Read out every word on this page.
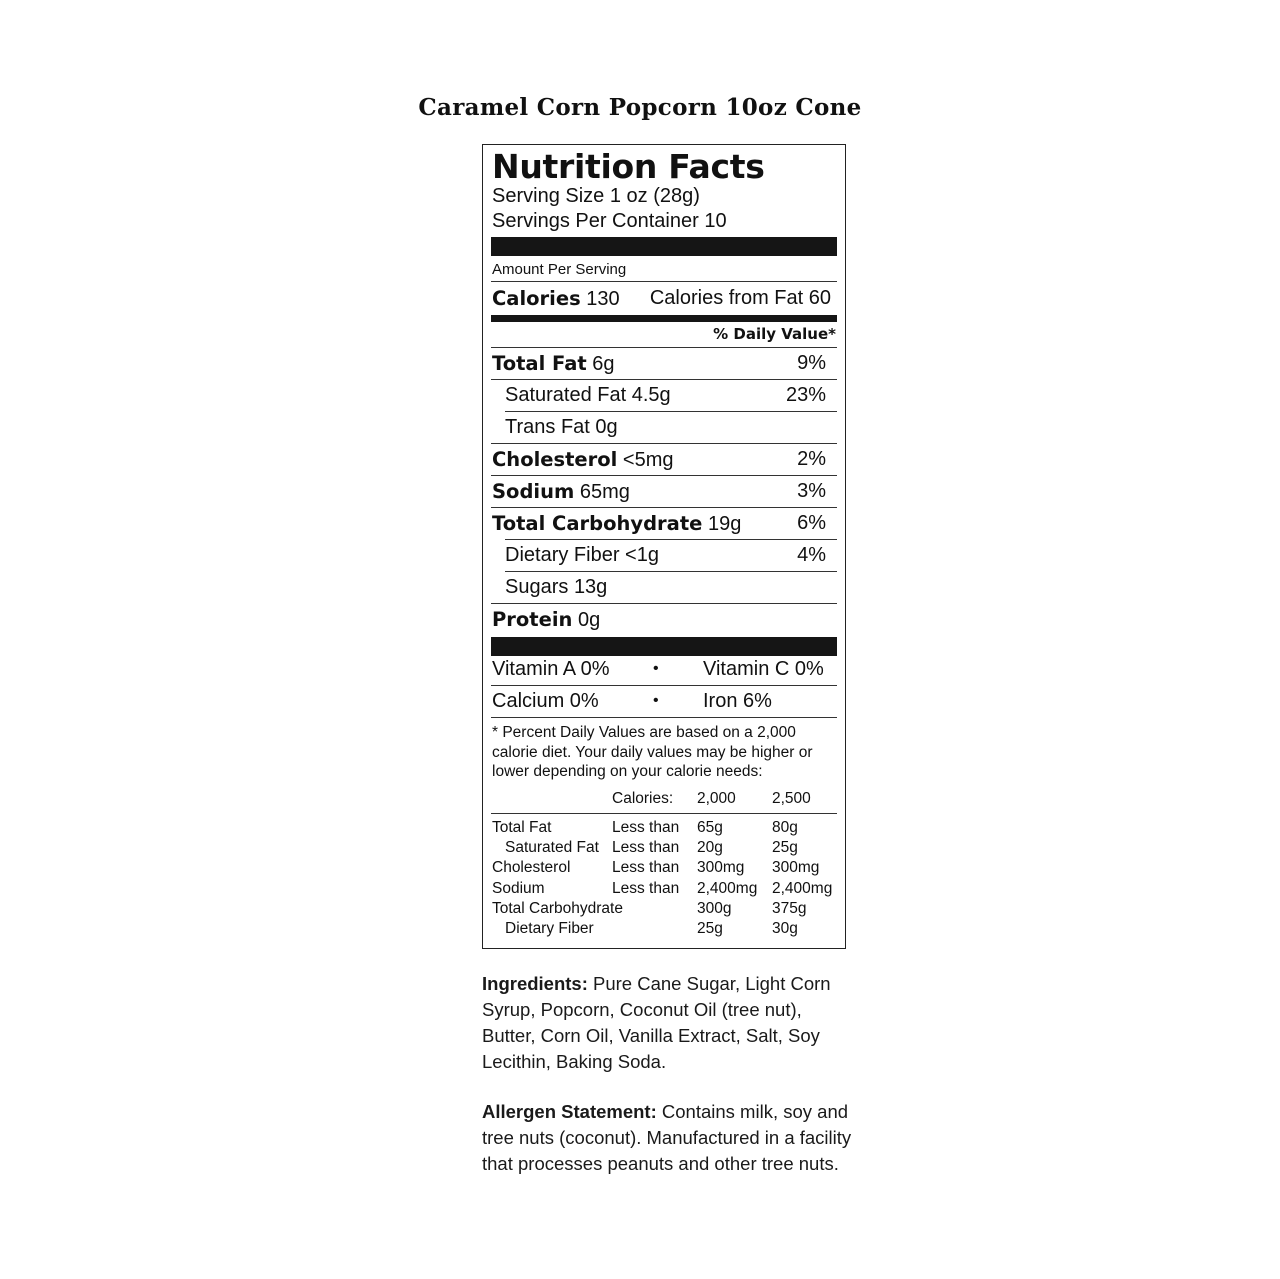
Caramel Corn Popcorn 10oz Cone
Nutrition Facts
Serving Size 1 oz (28g)
Servings Per Container 10
Amount Per Serving
Calories 130 Calories from Fat 60
% Daily Value*
Total Fat 6g	9%
Saturated Fat 4.5g	23%
Trans Fat 0g
Cholesterol <5mg	2%
Sodium 65mg	3%
Total Carbohydrate 19g	6%
Dietary Fiber <1g	4%
Sugars 13g
Protein 0g
Vitamin A 0%	• Vitamin C 0%
Calcium 0%	• Iron 6%
* Percent Daily Values are based on a 2,000 calorie diet. Your daily values may be higher or lower depending on your calorie needs:
Calories: 2,000 2,500
Total Fat	Less than 65g	80g
Saturated Fat Less than 20g	25g
Cholesterol	Less than 300mg 300mg
Sodium	Less than 2,400mg 2,400mg
Total Carbohydrate	300g	375g
Dietary Fiber	25g	30g
Ingredients: Pure Cane Sugar, Light Corn Syrup, Popcorn, Coconut Oil (tree nut), Butter, Corn Oil, Vanilla Extract, Salt, Soy Lecithin, Baking Soda.
Allergen Statement: Contains milk, soy and tree nuts (coconut). Manufactured in a facility that processes peanuts and other tree nuts.
